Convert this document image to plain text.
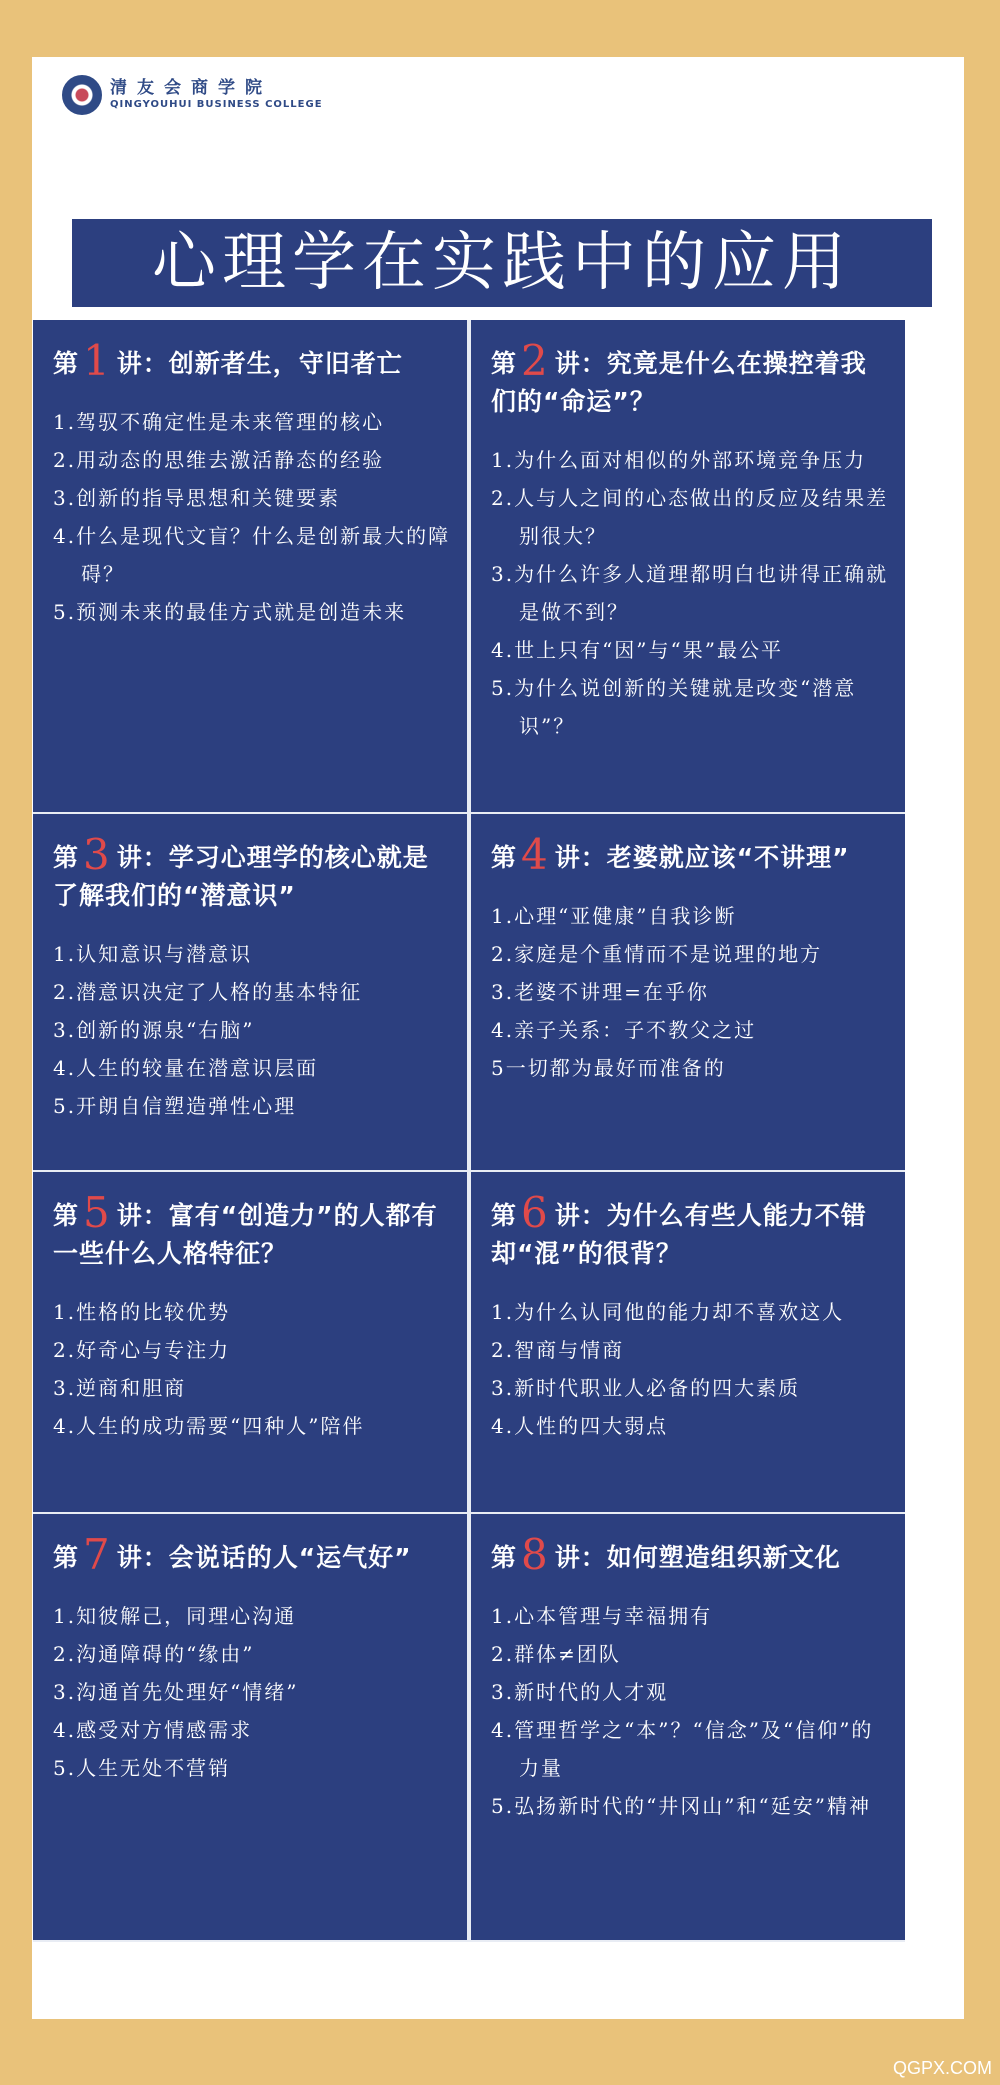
清友会商学院
QINGYOUHUI BUSINESS COLLEGE
心理学在实践中的应用
第1 讲：创新者生，守旧者亡
1.驾驭不确定性是未来管理的核心
2.用动态的思维去激活静态的经验
3.创新的指导思想和关键要素
4.什么是现代文盲？什么是创新最大的障碍？
5.预测未来的最佳方式就是创造未来
第2 讲：究竟是什么在操控着我们的“命运”？
1.为什么面对相似的外部环境竞争压力
2.人与人之间的心态做出的反应及结果差别很大？
3.为什么许多人道理都明白也讲得正确就是做不到？
4.世上只有“因”与“果”最公平
5.为什么说创新的关键就是改变“潜意识”？
第3 讲：学习心理学的核心就是了解我们的“潜意识”
1.认知意识与潜意识
2.潜意识决定了人格的基本特征
3.创新的源泉“右脑”
4.人生的较量在潜意识层面
5.开朗自信塑造弹性心理
第4 讲：老婆就应该“不讲理”
1.心理“亚健康”自我诊断
2.家庭是个重情而不是说理的地方
3.老婆不讲理=在乎你
4.亲子关系：子不教父之过
5一切都为最好而准备的
第5 讲：富有“创造力”的人都有一些什么人格特征？
1.性格的比较优势
2.好奇心与专注力
3.逆商和胆商
4.人生的成功需要“四种人”陪伴
第6 讲：为什么有些人能力不错却“混”的很背？
1.为什么认同他的能力却不喜欢这人
2.智商与情商
3.新时代职业人必备的四大素质
4.人性的四大弱点
第7 讲：会说话的人“运气好”
1.知彼解己，同理心沟通
2.沟通障碍的“缘由”
3.沟通首先处理好“情绪”
4.感受对方情感需求
5.人生无处不营销
第8 讲：如何塑造组织新文化
1.心本管理与幸福拥有
2.群体≠团队
3.新时代的人才观
4.管理哲学之“本”？“信念”及“信仰”的力量
5.弘扬新时代的“井冈山”和“延安”精神
QGPX.COM
